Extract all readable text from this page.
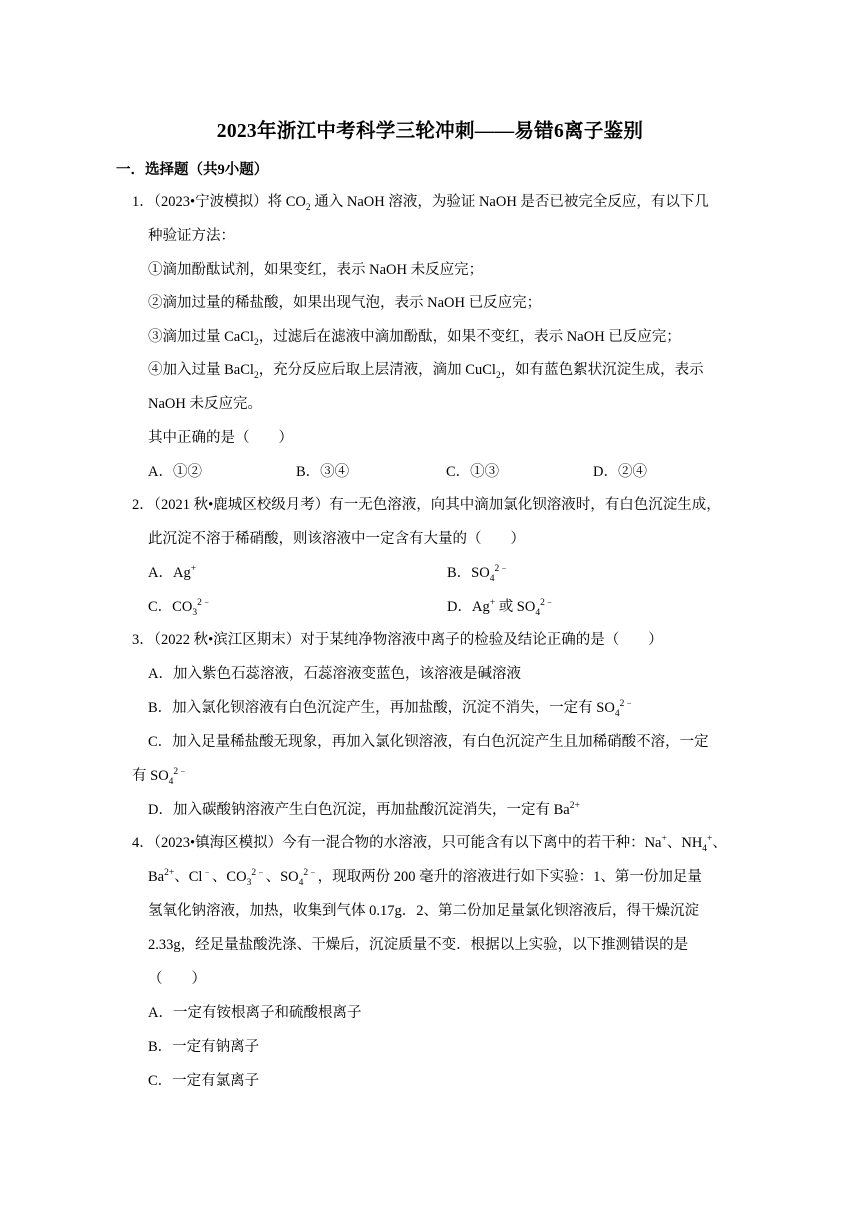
2023年浙江中考科学三轮冲刺——易错6离子鉴别
一．选择题（共9小题）
1．（2023•宁波模拟）将 $CO_2$ 通入 NaOH 溶液，为验证 NaOH 是否已被完全反应，有以下几
种验证方法：
①滴加酚酞试剂，如果变红，表示 NaOH 未反应完；
②滴加过量的稀盐酸，如果出现气泡，表示 NaOH 已反应完；
③滴加过量 CaCl$_2$，过滤后在滤液中滴加酚酞，如果不变红，表示 NaOH 已反应完；
④加入过量 BaCl$_2$，充分反应后取上层清液，滴加 CuCl$_2$，如有蓝色絮状沉淀生成，表示
NaOH 未反应完。
其中正确的是（　　）
A．①②	B．③④	C．①③	D．②④
2．（2021 秋•鹿城区校级月考）有一无色溶液，向其中滴加氯化钡溶液时，有白色沉淀生成，
此沉淀不溶于稀硝酸，则该溶液中一定含有大量的（　　）
A．Ag+	B．$SO_4^{2﹣}$
C．$CO_3^{2﹣}$	D．Ag+ 或 $SO_4^{2﹣}$
3．（2022 秋•滨江区期末）对于某纯净物溶液中离子的检验及结论正确的是（　　）
A．加入紫色石蕊溶液，石蕊溶液变蓝色，该溶液是碱溶液
B．加入氯化钡溶液有白色沉淀产生，再加盐酸，沉淀不消失，一定有 $SO_4^{2﹣}$
C．加入足量稀盐酸无现象，再加入氯化钡溶液，有白色沉淀产生且加稀硝酸不溶，一定
有 $SO_4^{2﹣}$
D．加入碳酸钠溶液产生白色沉淀，再加盐酸沉淀消失，一定有 $Ba^{2+}$
4．（2023•镇海区模拟）今有一混合物的水溶液，只可能含有以下离中的若干种：Na+、$NH_4^+$、
$Ba^{2+}$、Cl﹣、$CO_3^{2﹣}$、$SO_4^{2﹣}$，现取两份 200 毫升的溶液进行如下实验：1、第一份加足量
氢氧化钠溶液，加热，收集到气体 0.17g．2、第二份加足量氯化钡溶液后，得干燥沉淀
2.33g，经足量盐酸洗涤、干燥后，沉淀质量不变．根据以上实验，以下推测错误的是
（　　）
A．一定有铵根离子和硫酸根离子
B．一定有钠离子
C．一定有氯离子
